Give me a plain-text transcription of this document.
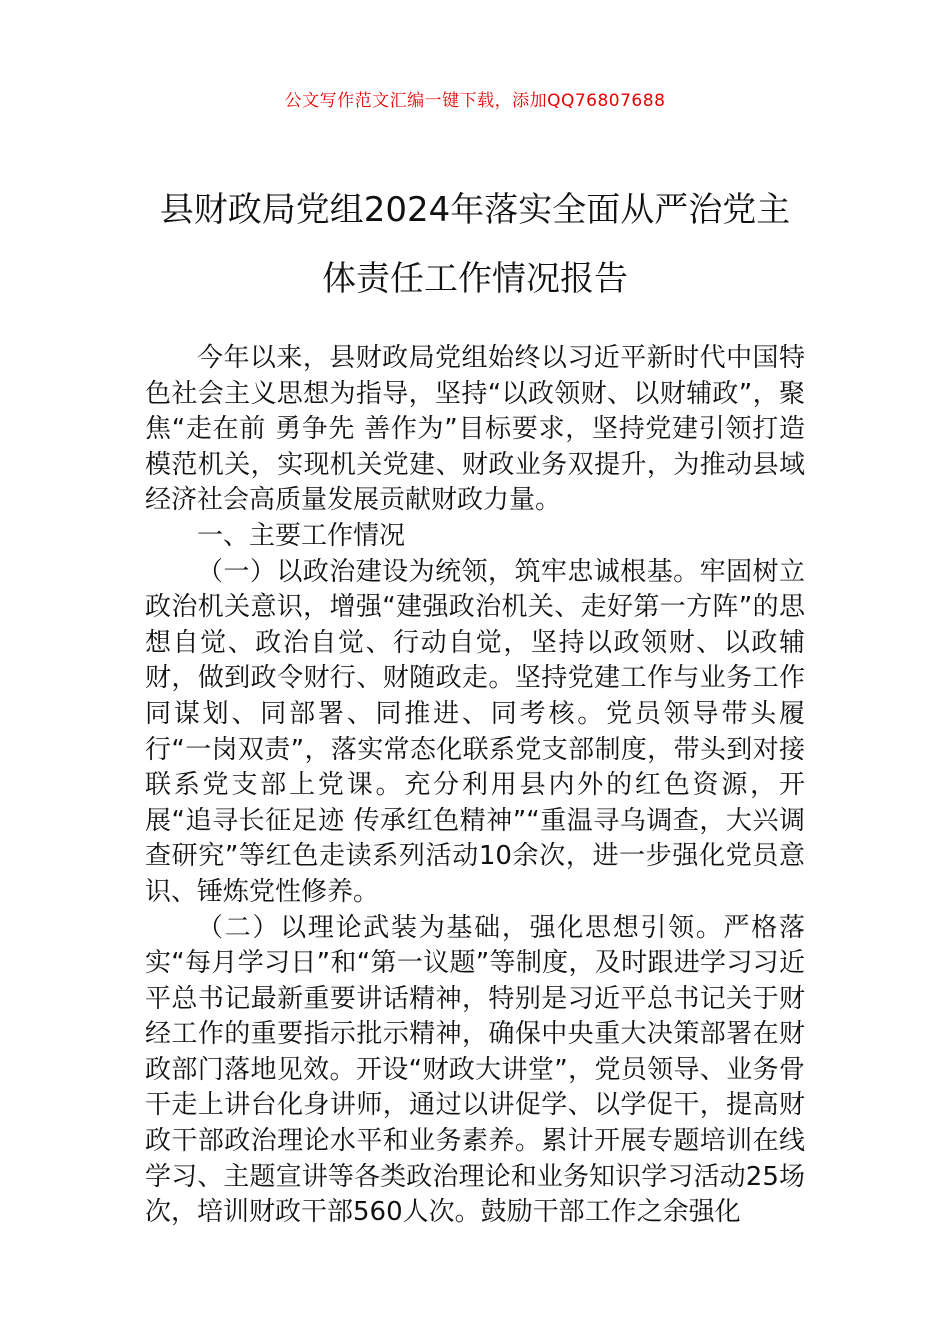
公文写作范文汇编一键下载，添加QQ76807688
县财政局党组2024年落实全面从严治党主
体责任工作情况报告

今年以来，县财政局党组始终以习近平新时代中国特色社会主义思想为指导，坚持“以政领财、以财辅政”，聚焦“走在前 勇争先 善作为”目标要求，坚持党建引领打造模范机关，实现机关党建、财政业务双提升，为推动县域经济社会高质量发展贡献财政力量。

一、主要工作情况

（一）以政治建设为统领，筑牢忠诚根基。牢固树立政治机关意识，增强“建强政治机关、走好第一方阵”的思想自觉、政治自觉、行动自觉，坚持以政领财、以政辅财，做到政令财行、财随政走。坚持党建工作与业务工作同谋划、同部署、同推进、同考核。党员领导带头履行“一岗双责”，落实常态化联系党支部制度，带头到对接联系党支部上党课。充分利用县内外的红色资源，开展“追寻长征足迹 传承红色精神”“重温寻乌调查，大兴调查研究”等红色走读系列活动10余次，进一步强化党员意识、锤炼党性修养。

（二）以理论武装为基础，强化思想引领。严格落实“每月学习日”和“第一议题”等制度，及时跟进学习习近平总书记最新重要讲话精神，特别是习近平总书记关于财经工作的重要指示批示精神，确保中央重大决策部署在财政部门落地见效。开设“财政大讲堂”，党员领导、业务骨干走上讲台化身讲师，通过以讲促学、以学促干，提高财政干部政治理论水平和业务素养。累计开展专题培训在线学习、主题宣讲等各类政治理论和业务知识学习活动25场次，培训财政干部560人次。鼓励干部工作之余强化
